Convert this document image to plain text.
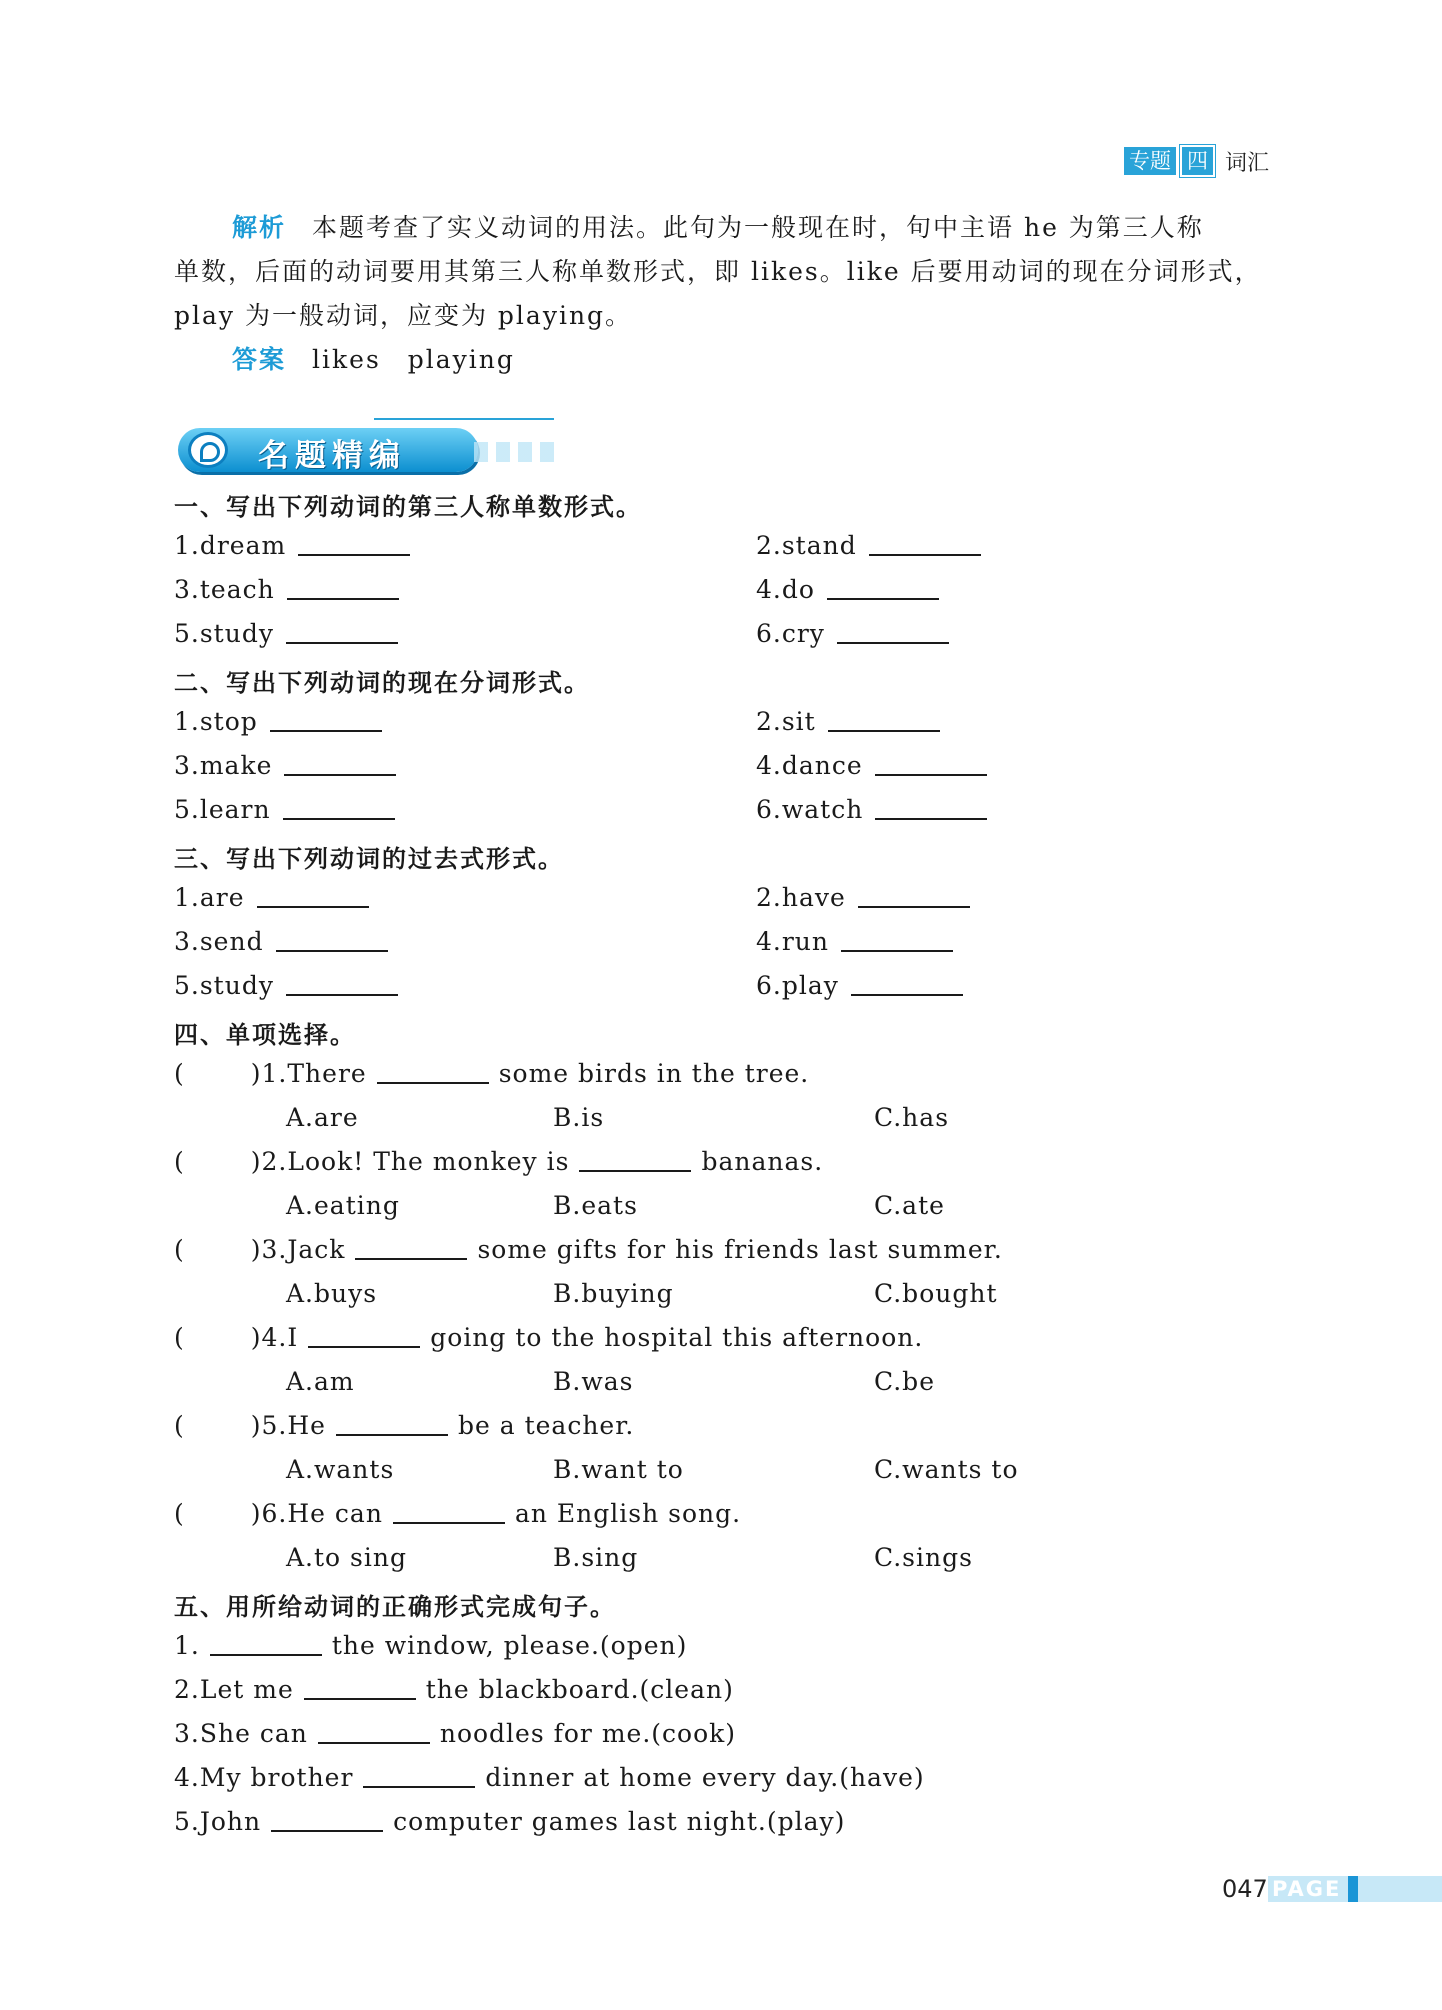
专题 四 词汇
解析 本题考查了实义动词的用法。此句为一般现在时，句中主语 he 为第三人称
单数，后面的动词要用其第三人称单数形式，即 likes。like 后要用动词的现在分词形式，
play 为一般动词，应变为 playing。
答案 likes　playing
名题精编
一、写出下列动词的第三人称单数形式。
1.dream	2.stand
3.teach	4.do
5.study	6.cry
二、写出下列动词的现在分词形式。
1.stop	2.sit
3.make	4.dance
5.learn	6.watch
三、写出下列动词的过去式形式。
1.are	2.have
3.send	4.run
5.study	6.play
四、单项选择。
(	)1.There	some birds in the tree.
A.are	B.is	C.has
(	)2.Look! The monkey is	bananas.
A.eating	B.eats	C.ate
(	)3.Jack	some gifts for his friends last summer.
A.buys	B.buying	C.bought
(	)4.I	going to the hospital this afternoon.
A.am	B.was	C.be
(	)5.He	be a teacher.
A.wants	B.want to	C.wants to
(	)6.He can	an English song.
A.to sing	B.sing	C.sings
五、用所给动词的正确形式完成句子。
1.	the window, please.(open)
2.Let me	the blackboard.(clean)
3.She can	noodles for me.(cook)
4.My brother	dinner at home every day.(have)
5.John	computer games last night.(play)
047 PAGE
